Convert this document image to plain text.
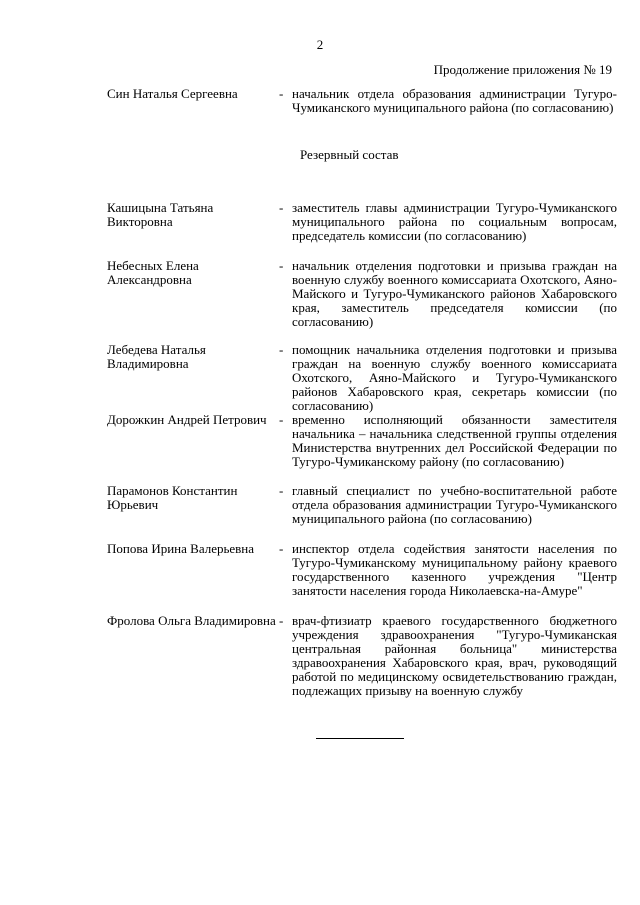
2
Продолжение приложения № 19
Син Наталья Сергеевна	- начальник отдела образования администрации Тугуро-Чумиканского муниципального района (по согласованию)
Резервный состав
Кашицына Татьяна Викторовна
- заместитель главы администрации Тугуро-Чумиканского муниципального района по социальным вопросам, председатель комиссии (по согласованию)
Небесных Елена Александровна
- начальник отделения подготовки и призыва граждан на военную службу военного комиссариата Охотского, Аяно-Майского и Тугуро-Чумиканского районов Хабаровского края, заместитель председателя комиссии (по согласованию)
Лебедева Наталья Владимировна
- помощник начальника отделения подготовки и призыва граждан на военную службу военного комиссариата Охотского, Аяно-Майского и Тугуро-Чумиканского районов Хабаровского края, секретарь комиссии (по согласованию)
Дорожкин Андрей Петрович - временно исполняющий обязанности заместителя начальника – начальника следственной группы отделения Министерства внутренних дел Российской Федерации по Тугуро-Чумиканскому району (по согласованию)
Парамонов Константин Юрьевич
- главный специалист по учебно-воспитательной работе отдела образования администрации Тугуро-Чумиканского муниципального района (по согласованию)
Попова Ирина Валерьевна	- инспектор отдела содействия занятости населения по Тугуро-Чумиканскому муниципальному району краевого государственного казенного учреждения "Центр занятости населения города Николаевска-на-Амуре"
Фролова Ольга Владимировна - врач-фтизиатр краевого государственного бюджетного учреждения здравоохранения "Тугуро-Чумиканская центральная районная больница" министерства здравоохранения Хабаровского края, врач, руководящий работой по медицинскому освидетельствованию граждан, подлежащих призыву на военную службу
